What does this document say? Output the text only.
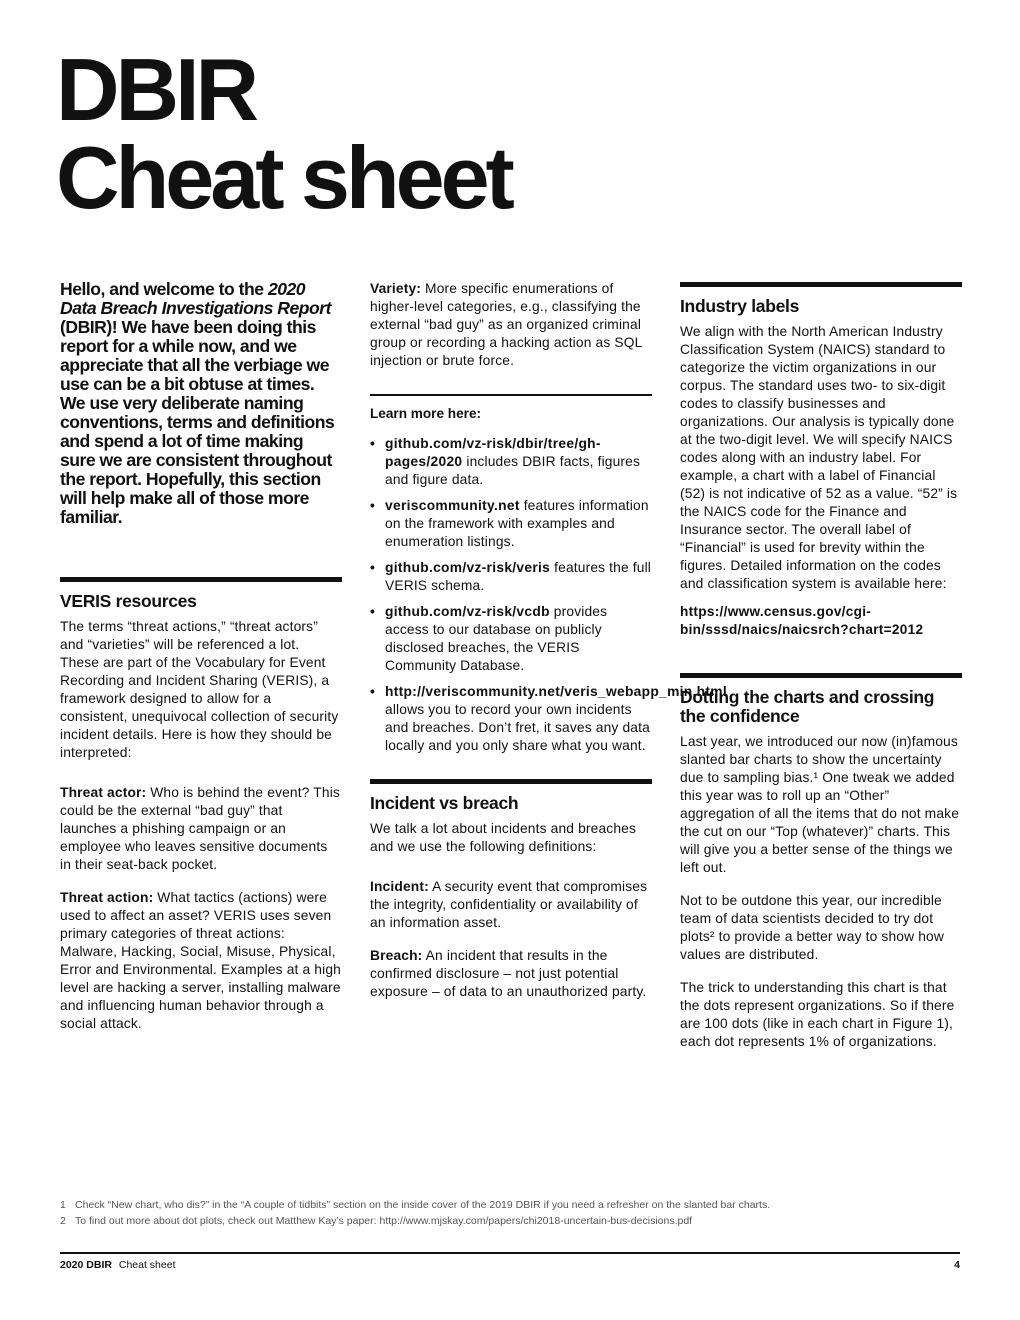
DBIR
Cheat sheet

Hello, and welcome to the 2020 Data Breach Investigations Report (DBIR)! We have been doing this report for a while now, and we appreciate that all the verbiage we use can be a bit obtuse at times. We use very deliberate naming conventions, terms and definitions and spend a lot of time making sure we are consistent throughout the report. Hopefully, this section will help make all of those more familiar.

VERIS resources

The terms “threat actions,” “threat actors” and “varieties” will be referenced a lot. These are part of the Vocabulary for Event Recording and Incident Sharing (VERIS), a framework designed to allow for a consistent, unequivocal collection of security incident details. Here is how they should be interpreted:

Threat actor: Who is behind the event? This could be the external “bad guy” that launches a phishing campaign or an employee who leaves sensitive documents in their seat-back pocket.

Threat action: What tactics (actions) were used to affect an asset? VERIS uses seven primary categories of threat actions: Malware, Hacking, Social, Misuse, Physical, Error and Environmental. Examples at a high level are hacking a server, installing malware and influencing human behavior through a social attack.

Variety: More specific enumerations of higher-level categories, e.g., classifying the external “bad guy” as an organized criminal group or recording a hacking action as SQL injection or brute force.

Learn more here:
• github.com/vz-risk/dbir/tree/gh-pages/2020 includes DBIR facts, figures and figure data.
• veriscommunity.net features information on the framework with examples and enumeration listings.
• github.com/vz-risk/veris features the full VERIS schema.
• github.com/vz-risk/vcdb provides access to our database on publicly disclosed breaches, the VERIS Community Database.
• http://veriscommunity.net/veris_webapp_min.html allows you to record your own incidents and breaches. Don’t fret, it saves any data locally and you only share what you want.
Incident vs breach

We talk a lot about incidents and breaches and we use the following definitions:

Incident: A security event that compromises the integrity, confidentiality or availability of an information asset.

Breach: An incident that results in the confirmed disclosure – not just potential exposure – of data to an unauthorized party.

Industry labels

We align with the North American Industry Classification System (NAICS) standard to categorize the victim organizations in our corpus. The standard uses two- to six-digit codes to classify businesses and organizations. Our analysis is typically done at the two-digit level. We will specify NAICS codes along with an industry label. For example, a chart with a label of Financial (52) is not indicative of 52 as a value. “52” is the NAICS code for the Finance and Insurance sector. The overall label of “Financial” is used for brevity within the figures. Detailed information on the codes and classification system is available here:

https://www.census.gov/cgi-bin/sssd/naics/naicsrch?chart=2012
Dotting the charts and crossing the confidence

Last year, we introduced our now (in)famous slanted bar charts to show the uncertainty due to sampling bias.¹ One tweak we added this year was to roll up an “Other” aggregation of all the items that do not make the cut on our “Top (whatever)” charts. This will give you a better sense of the things we left out.

Not to be outdone this year, our incredible team of data scientists decided to try dot plots² to provide a better way to show how values are distributed.

The trick to understanding this chart is that the dots represent organizations. So if there are 100 dots (like in each chart in Figure 1), each dot represents 1% of organizations.

1 Check “New chart, who dis?” in the “A couple of tidbits” section on the inside cover of the 2019 DBIR if you need a refresher on the slanted bar charts.
2 To find out more about dot plots, check out Matthew Kay’s paper: http://www.mjskay.com/papers/chi2018-uncertain-bus-decisions.pdf
2020 DBIR Cheat sheet	4
